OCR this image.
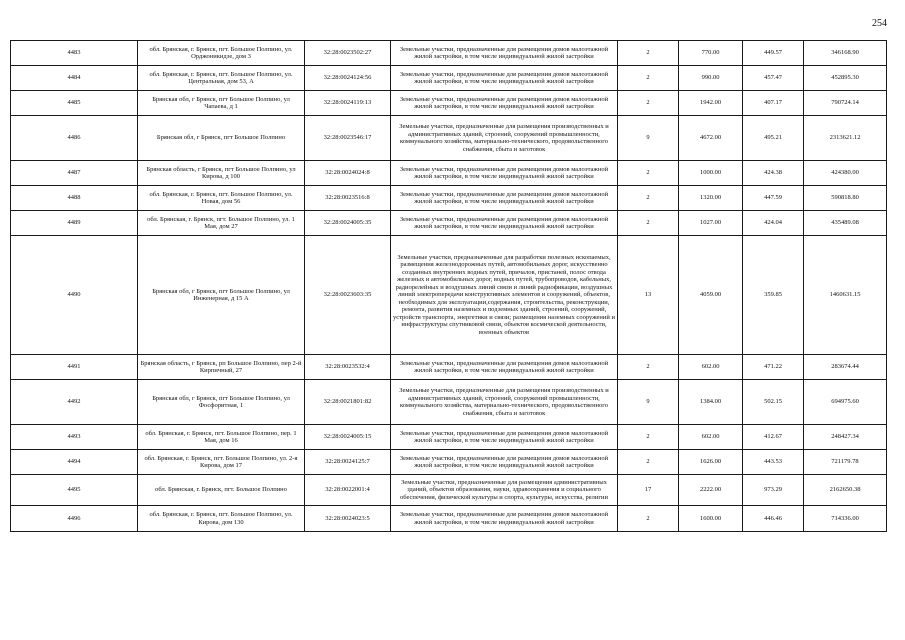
254
4483	обл. Брянская, г. Брянск, пгт. Большое Полпино, ул. Орджоникидзе, дом 3	32:28:0023502:27	Земельные участки, предназначенные для размещения домов малоэтажной жилой застройки, в том числе индивидуальной жилой застройки	2	770.00	449.57	346168.90
4484	обл. Брянская, г. Брянск, пгт. Большое Полпино, ул. Центральная, дом 53, А	32:28:0024124:56	Земельные участки, предназначенные для размещения домов малоэтажной жилой застройки, в том числе индивидуальной жилой застройки	2	990.00	457.47	452895.30
4485	Брянская обл, г Брянск, пгт Большое Полпино, ул Чапаева, д 1	32:28:0024119:13	Земельные участки, предназначенные для размещения домов малоэтажной жилой застройки, в том числе индивидуальной жилой застройки	2	1942.00	407.17	790724.14
4486	Брянская обл, г Брянск, пгт Большое Полпино	32:28:0023546:17	Земельные участки, предназначенные для размещения производственных и административных зданий, строений, сооружений промышленности, коммунального хозяйства, материально-технического, продовольственного снабжения, сбыта и заготовок	9	4672.00	495.21	2313621.12
4487	Брянская область, г Брянск, пгт Большое Полпино, ул Кирова, д 100	32:28:0024024:8	Земельные участки, предназначенные для размещения домов малоэтажной жилой застройки, в том числе индивидуальной жилой застройки	2	1000.00	424.38	424380.00
4488	обл. Брянская, г. Брянск, пгт. Большое Полпино, ул. Новая, дом 56	32:28:0023516:8	Земельные участки, предназначенные для размещения домов малоэтажной жилой застройки, в том числе индивидуальной жилой застройки	2	1320.00	447.59	590818.80
4489	обл. Брянская, г. Брянск, пгт. Большое Полпино, ул. 1 Мая, дом 27	32:28:0024005:35	Земельные участки, предназначенные для размещения домов малоэтажной жилой застройки, в том числе индивидуальной жилой застройки	2	1027.00	424.04	435489.08
4490	Брянская обл, г Брянск, пгт Большое Полпино, ул Инженерная, д 15 А	32:28:0023603:35	Земельные участки, предназначенные для разработки полезных ископаемых, размещения железнодорожных путей, автомобильных дорог, искусственно созданных внутренних водных путей, причалов, пристаней, полос отвода железных и автомобильных дорог, водных путей, трубопроводов, кабельных, радиорелейных и воздушных линий связи и линий радиофикации, воздушных линий электропередачи конструктивных элементов и сооружений, объектов, необходимых для эксплуатации,содержания, строительства, реконструкции, ремонта, развития наземных и подземных зданий, строений, сооружений, устройств транспорта, энергетики и связи; размещения наземных сооружений и инфраструктуры спутниковой связи, объектов космической деятельности, военных объектов	13	4059.00	359.85	1460631.15
4491	Брянская область, г Брянск, рп Большое Полпино, пер 2-й Кирпичный, 27	32:28:0023532:4	Земельные участки, предназначенные для размещения домов малоэтажной жилой застройки, в том числе индивидуальной жилой застройки	2	602.00	471.22	283674.44
4492	Брянская обл, г Брянск, пгт Большое Полпино, ул Фосфоритная, 1	32:28:0021801:82	Земельные участки, предназначенные для размещения производственных и административных зданий, строений, сооружений промышленности, коммунального хозяйства, материально-технического, продовольственного снабжения, сбыта и заготовок	9	1384.00	502.15	694975.60
4493	обл. Брянская, г. Брянск, пгт. Большое Полпино, пер. 1 Мая, дом 16	32:28:0024005:15	Земельные участки, предназначенные для размещения домов малоэтажной жилой застройки, в том числе индивидуальной жилой застройки	2	602.00	412.67	248427.34
4494	обл. Брянская, г. Брянск, пгт. Большое Полпино, ул. 2-я Кирова, дом 17	32:28:0024125:7	Земельные участки, предназначенные для размещения домов малоэтажной жилой застройки, в том числе индивидуальной жилой застройки	2	1626.00	443.53	721179.78
4495	обл. Брянская, г. Брянск, пгт. Большое Полпино	32:28:0022001:4	Земельные участки, предназначенные для размещения административных зданий, объектов образования, науки, здравоохранения и социального обеспечения, физической культуры и спорта, культуры, искусства, религии	17	2222.00	973.29	2162650.38
4496	обл. Брянская, г. Брянск, пгт. Большое Полпино, ул. Кирова, дом 130	32:28:0024023:5	Земельные участки, предназначенные для размещения домов малоэтажной жилой застройки, в том числе индивидуальной жилой застройки	2	1600.00	446.46	714336.00
